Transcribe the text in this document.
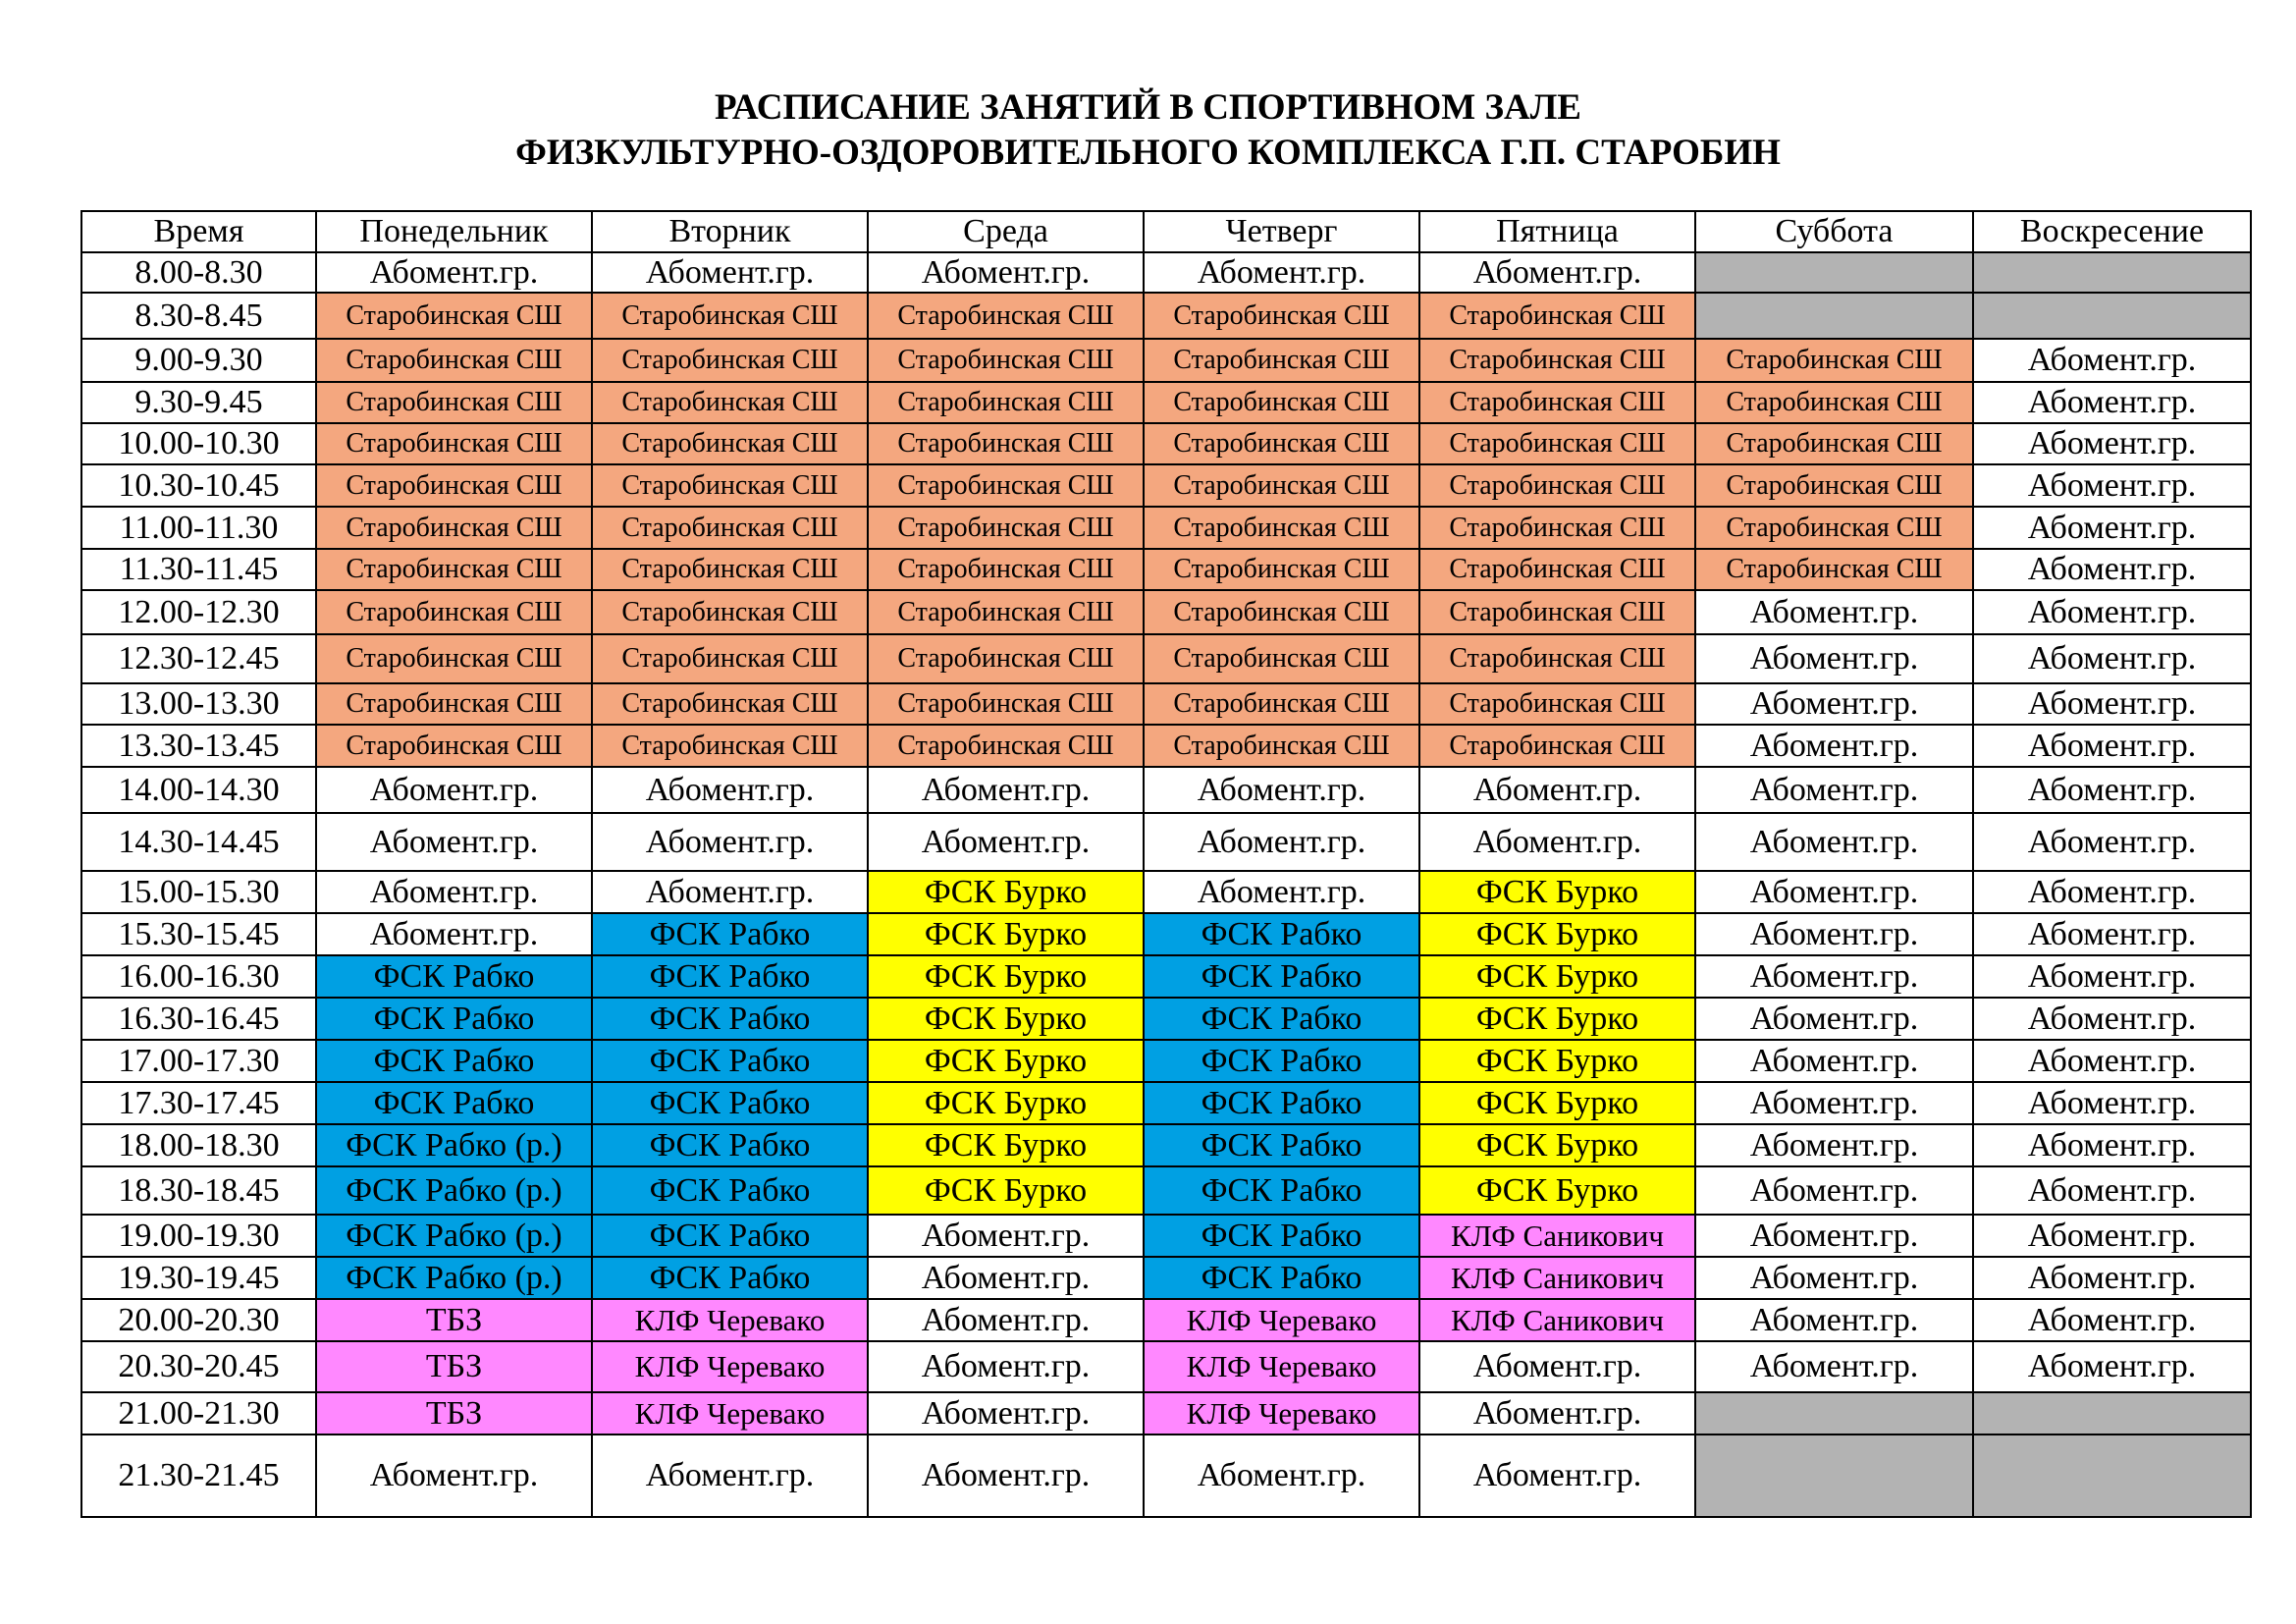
РАСПИСАНИЕ ЗАНЯТИЙ В СПОРТИВНОМ ЗАЛЕ
ФИЗКУЛЬТУРНО-ОЗДОРОВИТЕЛЬНОГО КОМПЛЕКСА Г.П. СТАРОБИН
Время	Понедельник	Вторник	Среда	Четверг	Пятница	Суббота	Воскресение
8.00-8.30	Абомент.гр.	Абомент.гр.	Абомент.гр.	Абомент.гр.	Абомент.гр.		
8.30-8.45	Старобинская СШ	Старобинская СШ	Старобинская СШ	Старобинская СШ	Старобинская СШ		
9.00-9.30	Старобинская СШ	Старобинская СШ	Старобинская СШ	Старобинская СШ	Старобинская СШ	Старобинская СШ	Абомент.гр.
9.30-9.45	Старобинская СШ	Старобинская СШ	Старобинская СШ	Старобинская СШ	Старобинская СШ	Старобинская СШ	Абомент.гр.
10.00-10.30	Старобинская СШ	Старобинская СШ	Старобинская СШ	Старобинская СШ	Старобинская СШ	Старобинская СШ	Абомент.гр.
10.30-10.45	Старобинская СШ	Старобинская СШ	Старобинская СШ	Старобинская СШ	Старобинская СШ	Старобинская СШ	Абомент.гр.
11.00-11.30	Старобинская СШ	Старобинская СШ	Старобинская СШ	Старобинская СШ	Старобинская СШ	Старобинская СШ	Абомент.гр.
11.30-11.45	Старобинская СШ	Старобинская СШ	Старобинская СШ	Старобинская СШ	Старобинская СШ	Старобинская СШ	Абомент.гр.
12.00-12.30	Старобинская СШ	Старобинская СШ	Старобинская СШ	Старобинская СШ	Старобинская СШ	Абомент.гр.	Абомент.гр.
12.30-12.45	Старобинская СШ	Старобинская СШ	Старобинская СШ	Старобинская СШ	Старобинская СШ	Абомент.гр.	Абомент.гр.
13.00-13.30	Старобинская СШ	Старобинская СШ	Старобинская СШ	Старобинская СШ	Старобинская СШ	Абомент.гр.	Абомент.гр.
13.30-13.45	Старобинская СШ	Старобинская СШ	Старобинская СШ	Старобинская СШ	Старобинская СШ	Абомент.гр.	Абомент.гр.
14.00-14.30	Абомент.гр.	Абомент.гр.	Абомент.гр.	Абомент.гр.	Абомент.гр.	Абомент.гр.	Абомент.гр.
14.30-14.45	Абомент.гр.	Абомент.гр.	Абомент.гр.	Абомент.гр.	Абомент.гр.	Абомент.гр.	Абомент.гр.
15.00-15.30	Абомент.гр.	Абомент.гр.	ФСК Бурко	Абомент.гр.	ФСК Бурко	Абомент.гр.	Абомент.гр.
15.30-15.45	Абомент.гр.	ФСК Рабко	ФСК Бурко	ФСК Рабко	ФСК Бурко	Абомент.гр.	Абомент.гр.
16.00-16.30	ФСК Рабко	ФСК Рабко	ФСК Бурко	ФСК Рабко	ФСК Бурко	Абомент.гр.	Абомент.гр.
16.30-16.45	ФСК Рабко	ФСК Рабко	ФСК Бурко	ФСК Рабко	ФСК Бурко	Абомент.гр.	Абомент.гр.
17.00-17.30	ФСК Рабко	ФСК Рабко	ФСК Бурко	ФСК Рабко	ФСК Бурко	Абомент.гр.	Абомент.гр.
17.30-17.45	ФСК Рабко	ФСК Рабко	ФСК Бурко	ФСК Рабко	ФСК Бурко	Абомент.гр.	Абомент.гр.
18.00-18.30	ФСК Рабко (р.)	ФСК Рабко	ФСК Бурко	ФСК Рабко	ФСК Бурко	Абомент.гр.	Абомент.гр.
18.30-18.45	ФСК Рабко (р.)	ФСК Рабко	ФСК Бурко	ФСК Рабко	ФСК Бурко	Абомент.гр.	Абомент.гр.
19.00-19.30	ФСК Рабко (р.)	ФСК Рабко	Абомент.гр.	ФСК Рабко	КЛФ Саникович	Абомент.гр.	Абомент.гр.
19.30-19.45	ФСК Рабко (р.)	ФСК Рабко	Абомент.гр.	ФСК Рабко	КЛФ Саникович	Абомент.гр.	Абомент.гр.
20.00-20.30	ТБЗ	КЛФ Черевако	Абомент.гр.	КЛФ Черевако	КЛФ Саникович	Абомент.гр.	Абомент.гр.
20.30-20.45	ТБЗ	КЛФ Черевако	Абомент.гр.	КЛФ Черевако	Абомент.гр.	Абомент.гр.	Абомент.гр.
21.00-21.30	ТБЗ	КЛФ Черевако	Абомент.гр.	КЛФ Черевако	Абомент.гр.		
21.30-21.45	Абомент.гр.	Абомент.гр.	Абомент.гр.	Абомент.гр.	Абомент.гр.		
